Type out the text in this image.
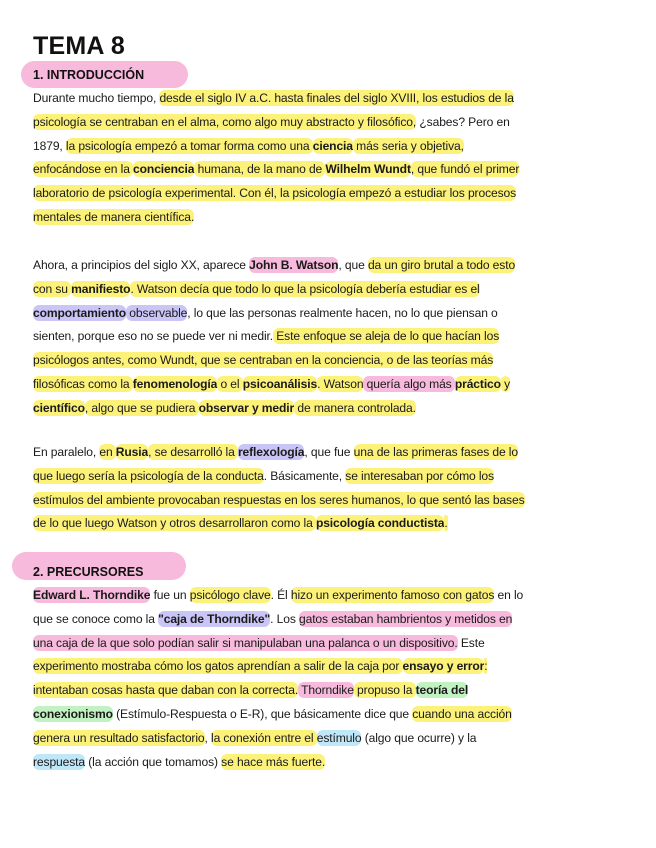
TEMA 8
1. INTRODUCCIÓN
Durante mucho tiempo, desde el siglo IV a.C. hasta finales del siglo XVIII, los estudios de la
psicología se centraban en el alma, como algo muy abstracto y filosófico, ¿sabes? Pero en
1879, la psicología empezó a tomar forma como una ciencia más seria y objetiva,
enfocándose en la conciencia humana, de la mano de Wilhelm Wundt, que fundó el primer
laboratorio de psicología experimental. Con él, la psicología empezó a estudiar los procesos
mentales de manera científica.
Ahora, a principios del siglo XX, aparece John B. Watson, que da un giro brutal a todo esto
con su manifiesto. Watson decía que todo lo que la psicología debería estudiar es el
comportamiento observable, lo que las personas realmente hacen, no lo que piensan o
sienten, porque eso no se puede ver ni medir. Este enfoque se aleja de lo que hacían los
psicólogos antes, como Wundt, que se centraban en la conciencia, o de las teorías más
filosóficas como la fenomenología o el psicoanálisis. Watson quería algo más práctico y
científico, algo que se pudiera observar y medir de manera controlada.
En paralelo, en Rusia, se desarrolló la reflexología, que fue una de las primeras fases de lo
que luego sería la psicología de la conducta. Básicamente, se interesaban por cómo los
estímulos del ambiente provocaban respuestas en los seres humanos, lo que sentó las bases
de lo que luego Watson y otros desarrollaron como la psicología conductista.
2. PRECURSORES
Edward L. Thorndike fue un psicólogo clave. Él hizo un experimento famoso con gatos en lo
que se conoce como la "caja de Thorndike". Los gatos estaban hambrientos y metidos en
una caja de la que solo podían salir si manipulaban una palanca o un dispositivo. Este
experimento mostraba cómo los gatos aprendían a salir de la caja por ensayo y error:
intentaban cosas hasta que daban con la correcta. Thorndike propuso la teoría del
conexionismo (Estímulo-Respuesta o E-R), que básicamente dice que cuando una acción
genera un resultado satisfactorio, la conexión entre el estímulo (algo que ocurre) y la
respuesta (la acción que tomamos) se hace más fuerte.
